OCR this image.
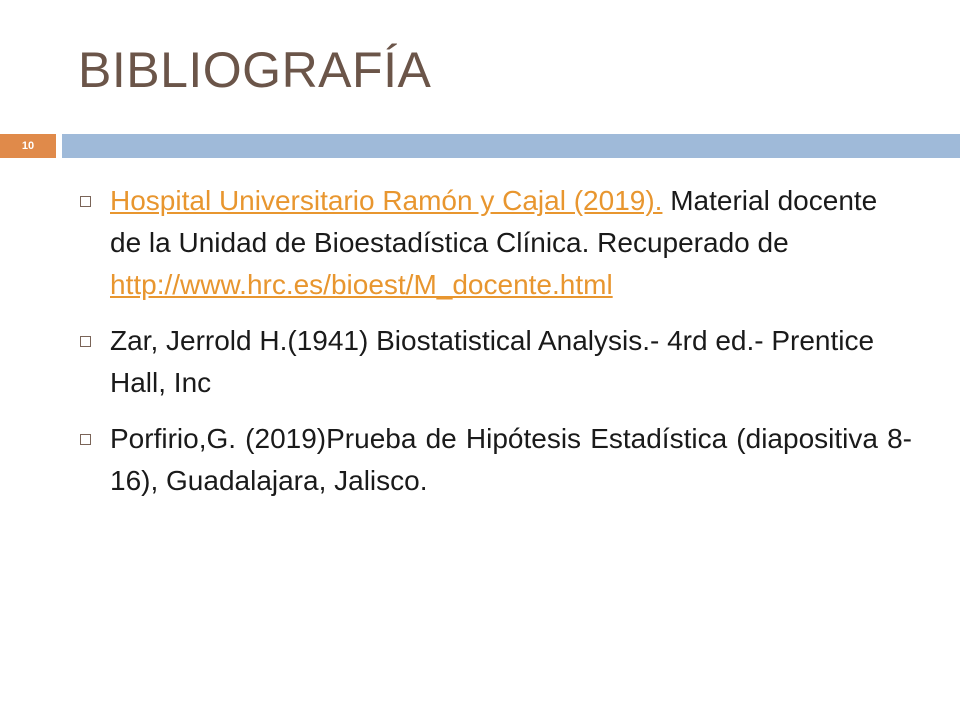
BIBLIOGRAFÍA
10
Hospital Universitario Ramón y Cajal (2019). Material docente de la Unidad de Bioestadística Clínica. Recuperado de http://www.hrc.es/bioest/M_docente.html
Zar, Jerrold H.(1941) Biostatistical Analysis.- 4rd ed.- Prentice Hall, Inc
Porfirio,G. (2019)Prueba de Hipótesis Estadística (diapositiva 8-16), Guadalajara, Jalisco.
